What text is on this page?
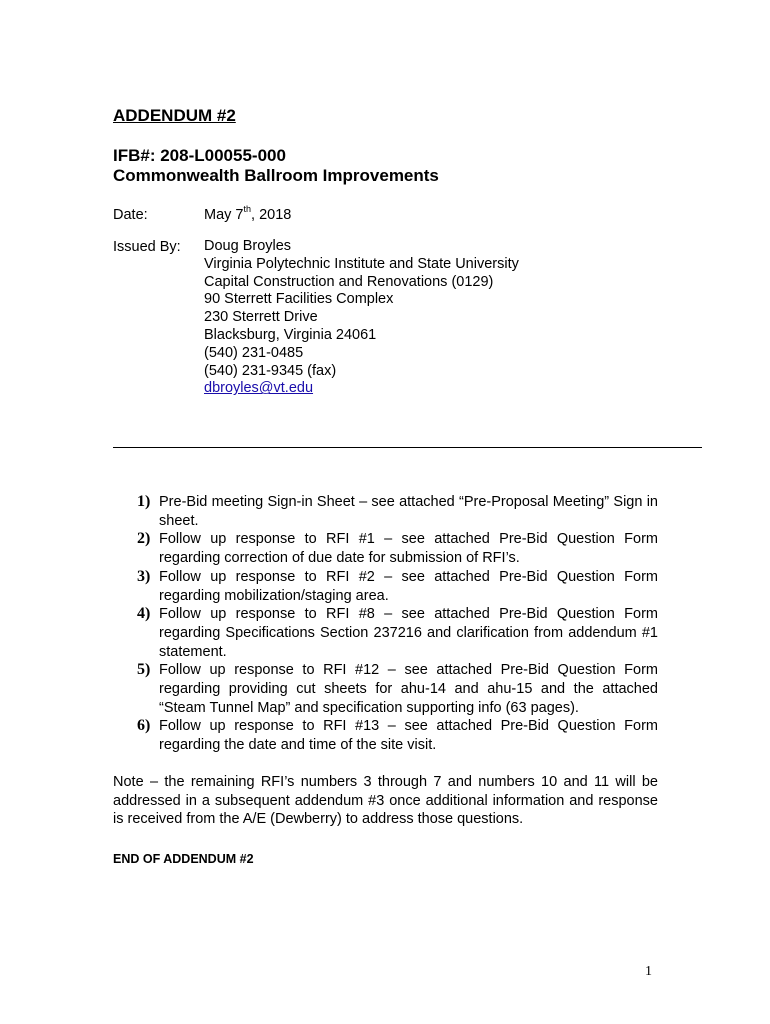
ADDENDUM #2
IFB#: 208-L00055-000
Commonwealth Ballroom Improvements
Date:	May 7th, 2018
Issued By: Doug Broyles
Virginia Polytechnic Institute and State University
Capital Construction and Renovations (0129)
90 Sterrett Facilities Complex
230 Sterrett Drive
Blacksburg, Virginia 24061
(540) 231-0485
(540) 231-9345 (fax)
dbroyles@vt.edu
1) Pre-Bid meeting Sign-in Sheet – see attached “Pre-Proposal Meeting” Sign in sheet.
2) Follow up response to RFI #1 – see attached Pre-Bid Question Form regarding correction of due date for submission of RFI’s.
3) Follow up response to RFI #2 – see attached Pre-Bid Question Form regarding mobilization/staging area.
4) Follow up response to RFI #8 – see attached Pre-Bid Question Form regarding Specifications Section 237216 and clarification from addendum #1 statement.
5) Follow up response to RFI #12 – see attached Pre-Bid Question Form regarding providing cut sheets for ahu-14 and ahu-15 and the attached “Steam Tunnel Map” and specification supporting info (63 pages).
6) Follow up response to RFI #13 – see attached Pre-Bid Question Form regarding the date and time of the site visit.
Note – the remaining RFI’s numbers 3 through 7 and numbers 10 and 11 will be addressed in a subsequent addendum #3 once additional information and response is received from the A/E (Dewberry) to address those questions.
END OF ADDENDUM #2
1
